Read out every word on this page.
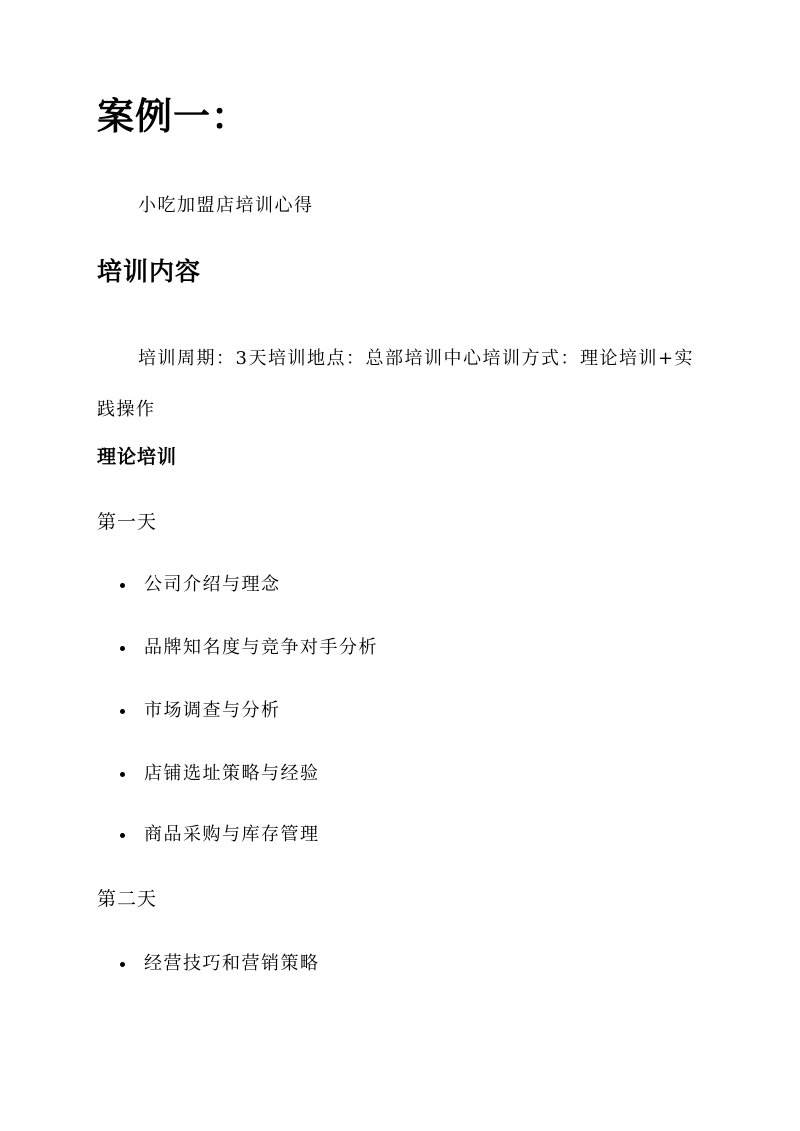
案例一：
小吃加盟店培训心得
培训内容
培训周期：3天培训地点：总部培训中心培训方式：理论培训+实践操作
理论培训
第一天
公司介绍与理念
品牌知名度与竞争对手分析
市场调查与分析
店铺选址策略与经验
商品采购与库存管理
第二天
经营技巧和营销策略
